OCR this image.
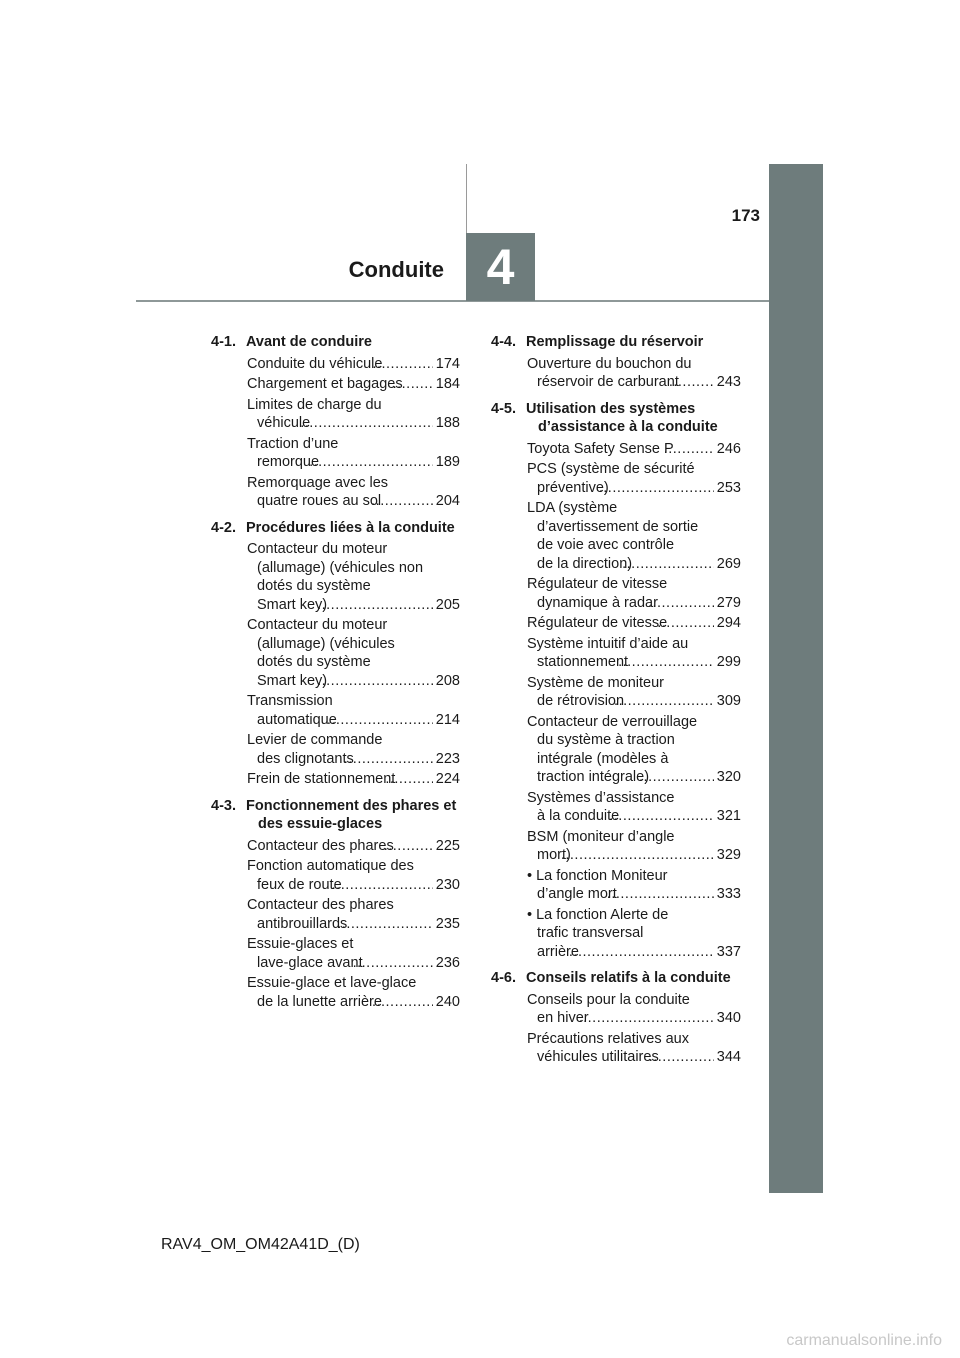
173
Conduite 4
4-1. Avant de conduire
Conduite du véhicule .....	174
Chargement et bagages .....	184
Limites de charge du
véhicule .....	188
Traction d’une
remorque .....	189
Remorquage avec les
quatre roues au sol .....	204
4-2. Procédures liées à la conduite
Contacteur du moteur
(allumage) (véhicules non
dotés du système
Smart key) .....	205
Contacteur du moteur
(allumage) (véhicules
dotés du système
Smart key) .....	208
Transmission
automatique .....	214
Levier de commande
des clignotants .....	223
Frein de stationnement .....	224
4-3. Fonctionnement des phares et des essuie-glaces
Contacteur des phares .....	225
Fonction automatique des
feux de route .....	230
Contacteur des phares
antibrouillards .....	235
Essuie-glaces et
lave-glace avant .....	236
Essuie-glace et lave-glace
de la lunette arrière .....	240
4-4. Remplissage du réservoir
Ouverture du bouchon du
réservoir de carburant .....	243
4-5. Utilisation des systèmes d’assistance à la conduite
Toyota Safety Sense P .....	246
PCS (système de sécurité
préventive) .....	253
LDA (système
d’avertissement de sortie
de voie avec contrôle
de la direction) .....	269
Régulateur de vitesse
dynamique à radar .....	279
Régulateur de vitesse .....	294
Système intuitif d’aide au
stationnement .....	299
Système de moniteur
de rétrovision .....	309
Contacteur de verrouillage
du système à traction
intégrale (modèles à
traction intégrale) .....	320
Systèmes d’assistance
à la conduite .....	321
BSM (moniteur d’angle
mort) .....	329
• La fonction Moniteur
d’angle mort .....	333
• La fonction Alerte de
trafic transversal
arrière .....	337
4-6. Conseils relatifs à la conduite
Conseils pour la conduite
en hiver .....	340
Précautions relatives aux
véhicules utilitaires .....	344
RAV4_OM_OM42A41D_(D)
carmanualsonline.info
